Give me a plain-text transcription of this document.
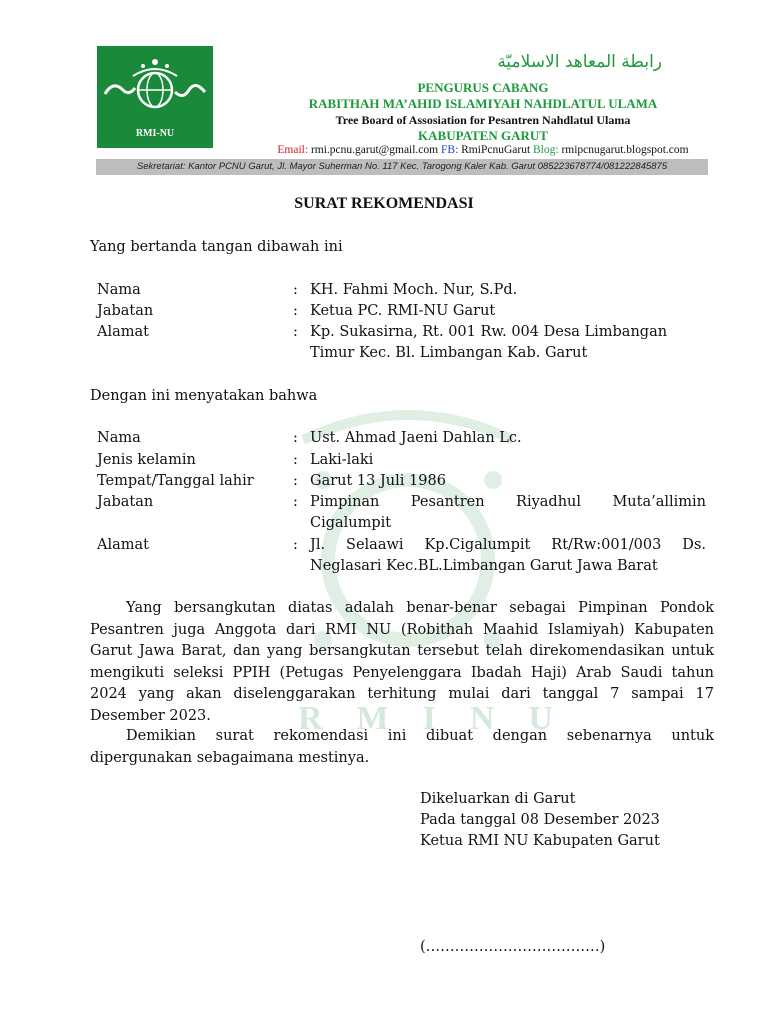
RMI-NU
رابطة المعاهد الاسلاميّة
PENGURUS CABANG
RABITHAH MA’AHID ISLAMIYAH NAHDLATUL ULAMA
Tree Board of Assosiation for Pesantren Nahdlatul Ulama
KABUPATEN GARUT
Email: rmi.pcnu.garut@gmail.com FB: RmiPcnuGarut Blog: rmipcnugarut.blogspot.com
Sekretariat: Kantor PCNU Garut, Jl. Mayor Suherman No. 117 Kec. Tarogong Kaler Kab. Garut 085223678774/081222845875
RMINU
SURAT REKOMENDASI
Yang bertanda tangan dibawah ini
Nama	: KH. Fahmi Moch. Nur, S.Pd.
Jabatan	: Ketua PC. RMI-NU Garut
Alamat	: Kp. Sukasirna, Rt. 001 Rw. 004 Desa Limbangan
Timur Kec. Bl. Limbangan Kab. Garut
Dengan ini menyatakan bahwa
Nama	: Ust. Ahmad Jaeni Dahlan Lc.
Jenis kelamin	: Laki-laki
Tempat/Tanggal lahir	: Garut 13 Juli 1986
Jabatan	: Pimpinan Pesantren Riyadhul Muta’allimin
Cigalumpit
Alamat	: Jl. Selaawi Kp.Cigalumpit Rt/Rw:001/003 Ds.
Neglasari Kec.BL.Limbangan Garut Jawa Barat
Yang bersangkutan diatas adalah benar-benar sebagai Pimpinan Pondok Pesantren juga Anggota dari RMI NU (Robithah Maahid Islamiyah) Kabupaten Garut Jawa Barat, dan yang bersangkutan tersebut telah direkomendasikan untuk mengikuti seleksi PPIH (Petugas Penyelenggara Ibadah Haji) Arab Saudi tahun 2024 yang akan diselenggarakan terhitung mulai dari tanggal 7 sampai 17 Desember 2023.
Demikian surat rekomendasi ini dibuat dengan sebenarnya untuk dipergunakan sebagaimana mestinya.
Dikeluarkan di Garut
Pada tanggal 08 Desember 2023
Ketua RMI NU Kabupaten Garut
(………………………………)
